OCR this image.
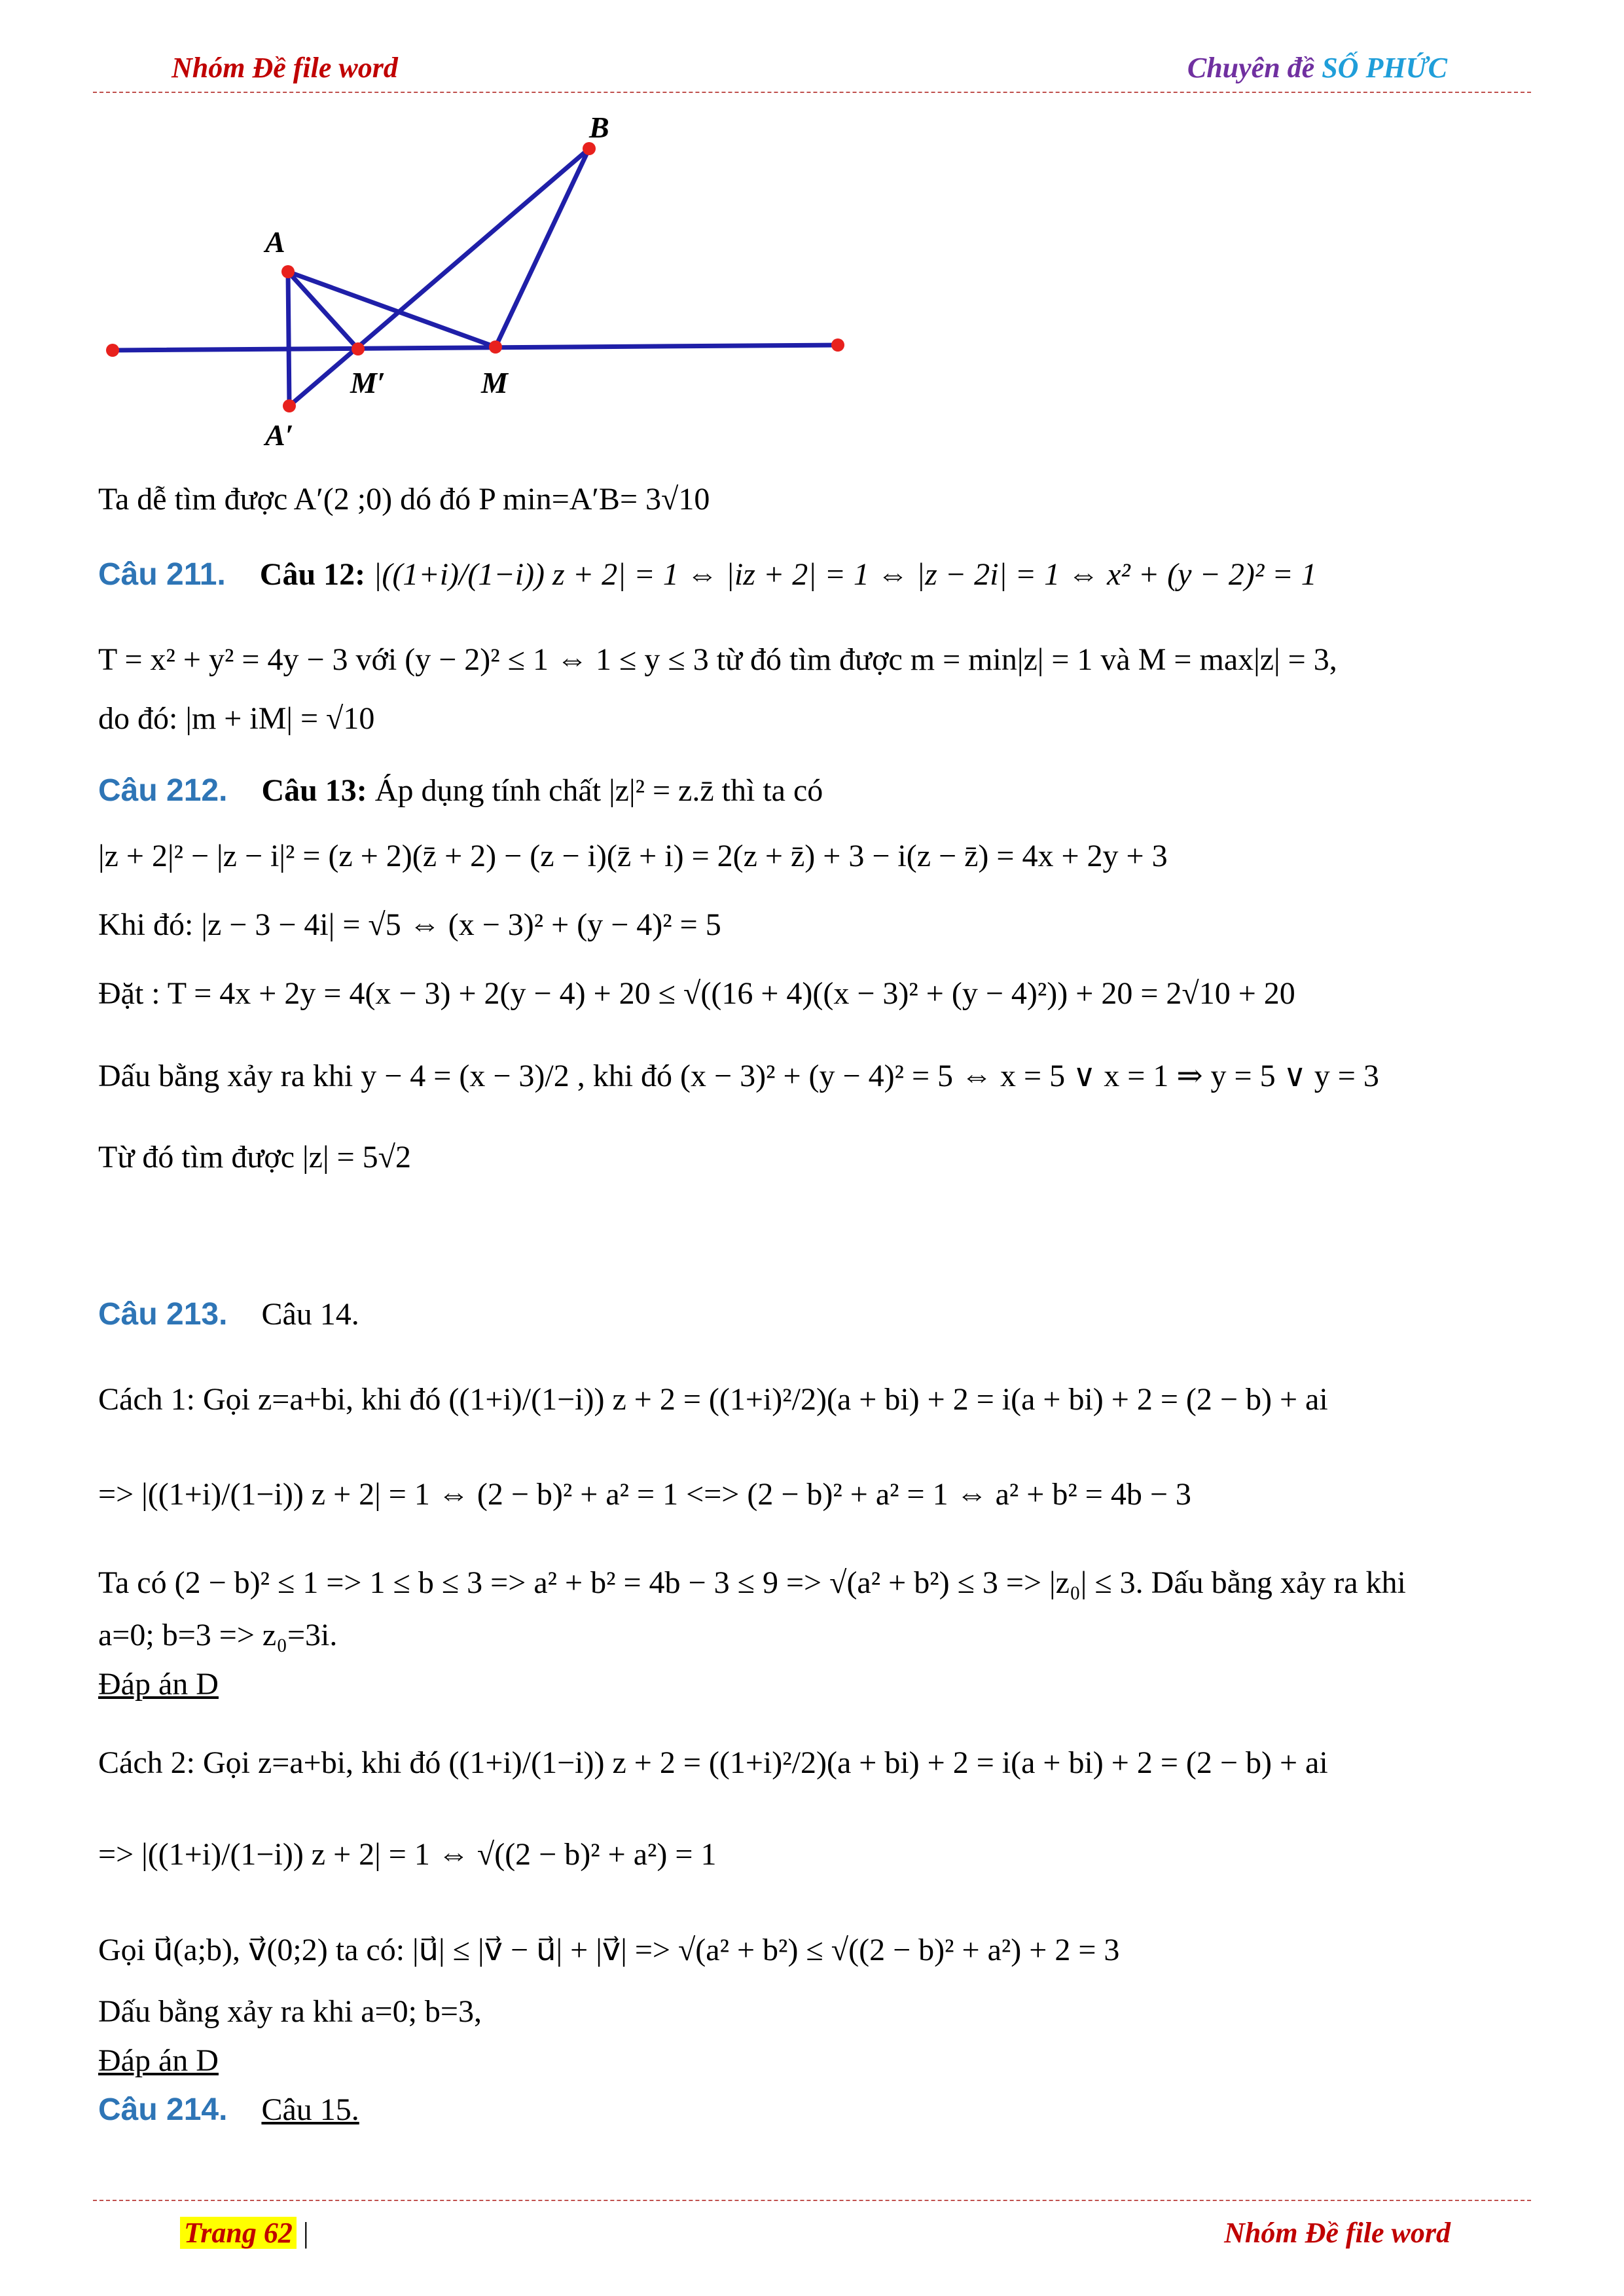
Nhóm Đề file word	Chuyên đề SỐ PHỨC
A
B
M′	M
A′
Ta dễ tìm được A′(2 ;0) dó đó P min=A′B= 3√10
Câu 211. Câu 12: |((1+i)/(1−i)) z + 2| = 1 ⇔ |iz + 2| = 1 ⇔ |z − 2i| = 1 ⇔ x² + (y − 2)² = 1
T = x² + y² = 4y − 3 với (y − 2)² ≤ 1 ⇔ 1 ≤ y ≤ 3 từ đó tìm được m = min|z| = 1 và M = max|z| = 3,
do đó: |m + iM| = √10
Câu 212. Câu 13: Áp dụng tính chất |z|² = z.z̄ thì ta có
|z + 2|² − |z − i|² = (z + 2)(z̄ + 2) − (z − i)(z̄ + i) = 2(z + z̄) + 3 − i(z − z̄) = 4x + 2y + 3
Khi đó: |z − 3 − 4i| = √5 ⇔ (x − 3)² + (y − 4)² = 5
Đặt : T = 4x + 2y = 4(x − 3) + 2(y − 4) + 20 ≤ √((16 + 4)((x − 3)² + (y − 4)²)) + 20 = 2√10 + 20
Dấu bằng xảy ra khi y − 4 = (x − 3)/2 , khi đó (x − 3)² + (y − 4)² = 5 ⇔ x = 5 ∨ x = 1 ⇒ y = 5 ∨ y = 3
Từ đó tìm được |z| = 5√2
Câu 213. Câu 14.
Cách 1: Gọi z=a+bi, khi đó ((1+i)/(1−i)) z + 2 = ((1+i)²/2)(a + bi) + 2 = i(a + bi) + 2 = (2 − b) + ai
=> |((1+i)/(1−i)) z + 2| = 1 ⇔ (2 − b)² + a² = 1 <=> (2 − b)² + a² = 1 ⇔ a² + b² = 4b − 3
Ta có (2 − b)² ≤ 1 => 1 ≤ b ≤ 3 => a² + b² = 4b − 3 ≤ 9 => √(a² + b²) ≤ 3 => |z₀| ≤ 3. Dấu bằng xảy ra khi
a=0; b=3 => z₀=3i.
Đáp án D
Cách 2: Gọi z=a+bi, khi đó ((1+i)/(1−i)) z + 2 = ((1+i)²/2)(a + bi) + 2 = i(a + bi) + 2 = (2 − b) + ai
=> |((1+i)/(1−i)) z + 2| = 1 ⇔ √((2 − b)² + a²) = 1
Gọi u⃗(a;b), v⃗(0;2) ta có: |u⃗| ≤ |v⃗ − u⃗| + |v⃗| => √(a² + b²) ≤ √((2 − b)² + a²) + 2 = 3
Dấu bằng xảy ra khi a=0; b=3,
Đáp án D
Câu 214. Câu 15.
Trang 62 |	Nhóm Đề file word
